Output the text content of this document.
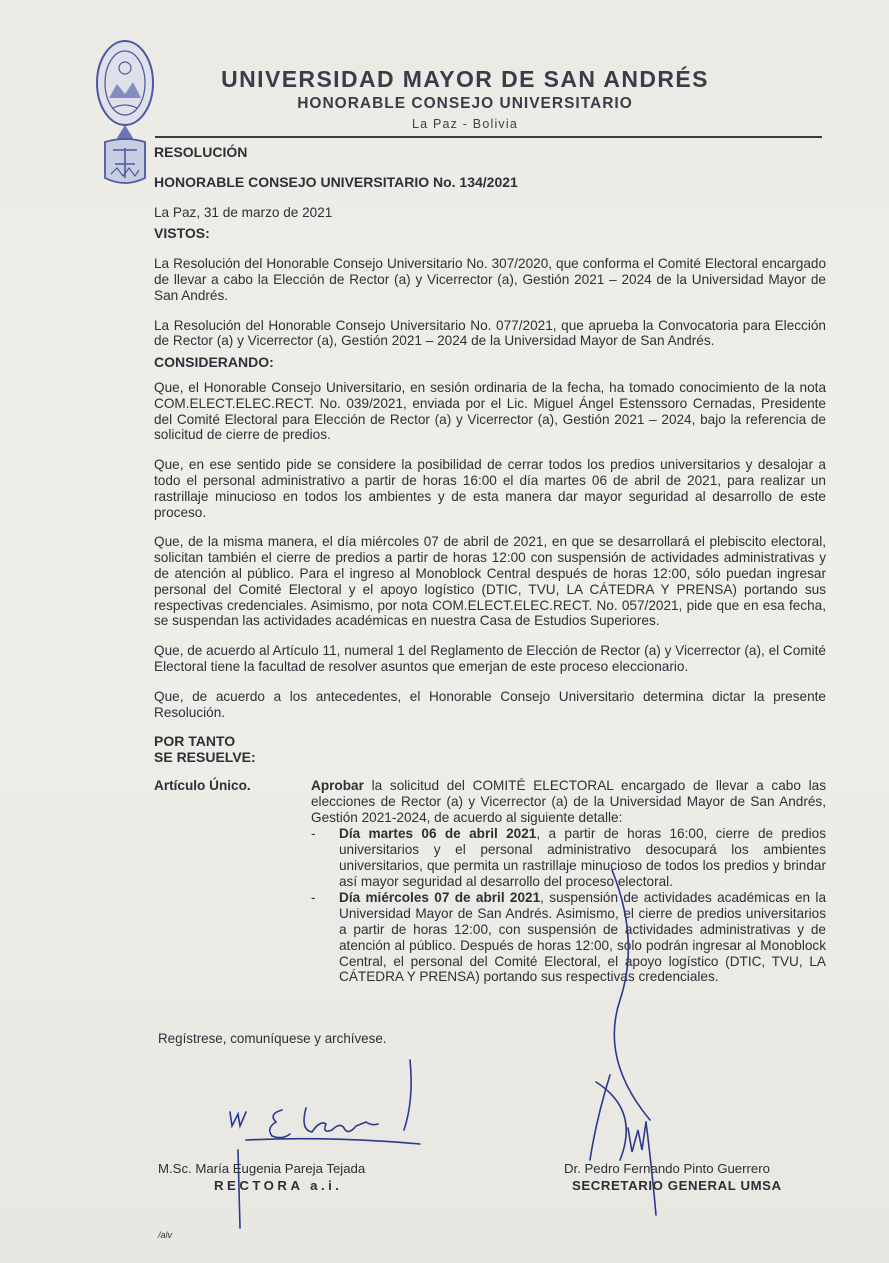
UNIVERSIDAD MAYOR DE SAN ANDRÉS
HONORABLE CONSEJO UNIVERSITARIO
La Paz - Bolivia

RESOLUCIÓN

HONORABLE CONSEJO UNIVERSITARIO No. 134/2021

La Paz, 31 de marzo de 2021

VISTOS:

La Resolución del Honorable Consejo Universitario No. 307/2020, que conforma el Comité Electoral encargado de llevar a cabo la Elección de Rector (a) y Vicerrector (a), Gestión 2021 – 2024 de la Universidad Mayor de San Andrés.

La Resolución del Honorable Consejo Universitario No. 077/2021, que aprueba la Convocatoria para Elección de Rector (a) y Vicerrector (a), Gestión 2021 – 2024 de la Universidad Mayor de San Andrés.

CONSIDERANDO:

Que, el Honorable Consejo Universitario, en sesión ordinaria de la fecha, ha tomado conocimiento de la nota COM.ELECT.ELEC.RECT. No. 039/2021, enviada por el Lic. Miguel Ángel Estenssoro Cernadas, Presidente del Comité Electoral para Elección de Rector (a) y Vicerrector (a), Gestión 2021 – 2024, bajo la referencia de solicitud de cierre de predios.

Que, en ese sentido pide se considere la posibilidad de cerrar todos los predios universitarios y desalojar a todo el personal administrativo a partir de horas 16:00 el día martes 06 de abril de 2021, para realizar un rastrillaje minucioso en todos los ambientes y de esta manera dar mayor seguridad al desarrollo de este proceso.

Que, de la misma manera, el día miércoles 07 de abril de 2021, en que se desarrollará el plebiscito electoral, solicitan también el cierre de predios a partir de horas 12:00 con suspensión de actividades administrativas y de atención al público. Para el ingreso al Monoblock Central después de horas 12:00, sólo puedan ingresar personal del Comité Electoral y el apoyo logístico (DTIC, TVU, LA CÁTEDRA Y PRENSA) portando sus respectivas credenciales. Asimismo, por nota COM.ELECT.ELEC.RECT. No. 057/2021, pide que en esa fecha, se suspendan las actividades académicas en nuestra Casa de Estudios Superiores.

Que, de acuerdo al Artículo 11, numeral 1 del Reglamento de Elección de Rector (a) y Vicerrector (a), el Comité Electoral tiene la facultad de resolver asuntos que emerjan de este proceso eleccionario.

Que, de acuerdo a los antecedentes, el Honorable Consejo Universitario determina dictar la presente Resolución.

POR TANTO

SE RESUELVE:

Artículo Único.	Aprobar la solicitud del COMITÉ ELECTORAL encargado de llevar a cabo las elecciones de Rector (a) y Vicerrector (a) de la Universidad Mayor de San Andrés, Gestión 2021-2024, de acuerdo al siguiente detalle:
-	Día martes 06 de abril 2021, a partir de horas 16:00, cierre de predios universitarios y el personal administrativo desocupará los ambientes universitarios, que permita un rastrillaje minucioso de todos los predios y brindar así mayor seguridad al desarrollo del proceso electoral.
-	Día miércoles 07 de abril 2021, suspensión de actividades académicas en la Universidad Mayor de San Andrés. Asimismo, el cierre de predios universitarios a partir de horas 12:00, con suspensión de actividades administrativas y de atención al público. Después de horas 12:00, sólo podrán ingresar al Monoblock Central, el personal del Comité Electoral, el apoyo logístico (DTIC, TVU, LA CÁTEDRA Y PRENSA) portando sus respectivas credenciales.
Regístrese, comuníquese y archívese.
M.Sc. María Eugenia Pareja Tejada
RECTORA a.i.
Dr. Pedro Fernando Pinto Guerrero
SECRETARIO GENERAL UMSA
/alv
